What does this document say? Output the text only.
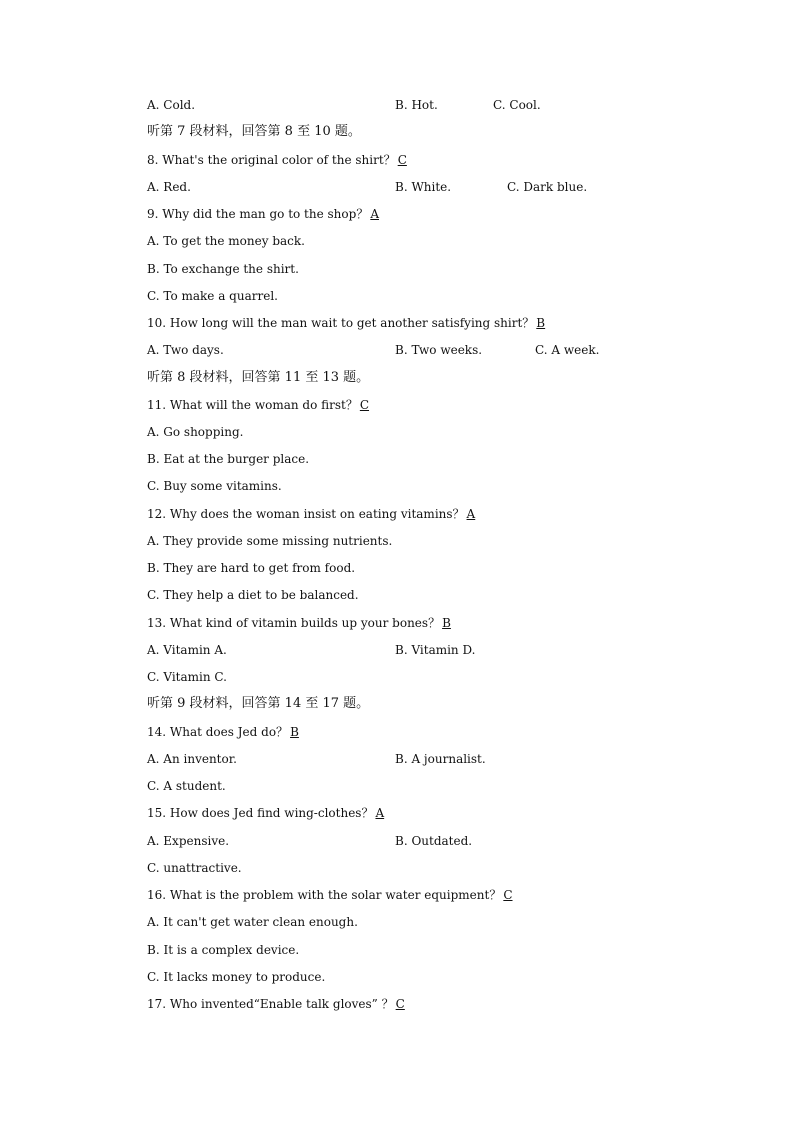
A. Cold.	B. Hot.	C. Cool.
听第 7 段材料，回答第 8 至 10 题。
8. What's the original color of the shirt？C
A. Red.	B. White.	C. Dark blue.
9. Why did the man go to the shop？A
A. To get the money back.
B. To exchange the shirt.
C. To make a quarrel.
10. How long will the man wait to get another satisfying shirt？B
A. Two days.	B. Two weeks.	C. A week.
听第 8 段材料，回答第 11 至 13 题。
11. What will the woman do first？C
A. Go shopping.
B. Eat at the burger place.
C. Buy some vitamins.
12. Why does the woman insist on eating vitamins？A
A. They provide some missing nutrients.
B. They are hard to get from food.
C. They help a diet to be balanced.
13. What kind of vitamin builds up your bones？B
A. Vitamin A.	B. Vitamin D.
C. Vitamin C.
听第 9 段材料，回答第 14 至 17 题。
14. What does Jed do？B
A. An inventor.	B. A journalist.
C. A student.
15. How does Jed find wing-clothes？A
A. Expensive.	B. Outdated.
C. unattractive.
16. What is the problem with the solar water equipment？C
A. It can't get water clean enough.
B. It is a complex device.
C. It lacks money to produce.
17. Who invented“Enable talk gloves” ？C
